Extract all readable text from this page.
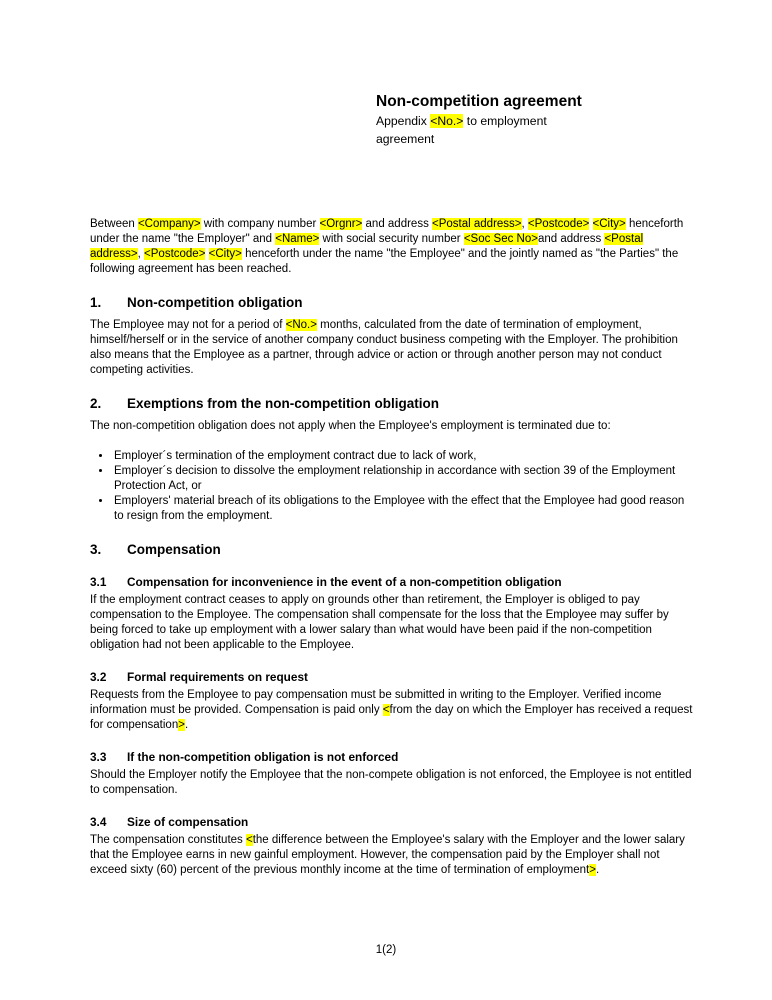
Non-competition agreement

Appendix <No.> to employment agreement

Between <Company> with company number <Orgnr> and address <Postal address>, <Postcode> <City> henceforth under the name "the Employer" and <Name> with social security number <Soc Sec No>and address <Postal address>, <Postcode> <City> henceforth under the name "the Employee" and the jointly named as "the Parties" the following agreement has been reached.

1.	Non-competition obligation

The Employee may not for a period of <No.> months, calculated from the date of termination of employment, himself/herself or in the service of another company conduct business competing with the Employer. The prohibition also means that the Employee as a partner, through advice or action or through another person may not conduct competing activities.

2.	Exemptions from the non-competition obligation

The non-competition obligation does not apply when the Employee's employment is terminated due to:

• Employer´s termination of the employment contract due to lack of work,
• Employer´s decision to dissolve the employment relationship in accordance with section 39 of the Employment Protection Act, or
• Employers' material breach of its obligations to the Employee with the effect that the Employee had good reason to resign from the employment.
3.	Compensation
3.1	Compensation for inconvenience in the event of a non-competition obligation

If the employment contract ceases to apply on grounds other than retirement, the Employer is obliged to pay compensation to the Employee. The compensation shall compensate for the loss that the Employee may suffer by being forced to take up employment with a lower salary than what would have been paid if the non-competition obligation had not been applicable to the Employee.

3.2	Formal requirements on request

Requests from the Employee to pay compensation must be submitted in writing to the Employer. Verified income information must be provided. Compensation is paid only <from the day on which the Employer has received a request for compensation>.

3.3	If the non-competition obligation is not enforced

Should the Employer notify the Employee that the non-compete obligation is not enforced, the Employee is not entitled to compensation.

3.4	Size of compensation

The compensation constitutes <the difference between the Employee's salary with the Employer and the lower salary that the Employee earns in new gainful employment. However, the compensation paid by the Employer shall not exceed sixty (60) percent of the previous monthly income at the time of termination of employment>.

1(2)
